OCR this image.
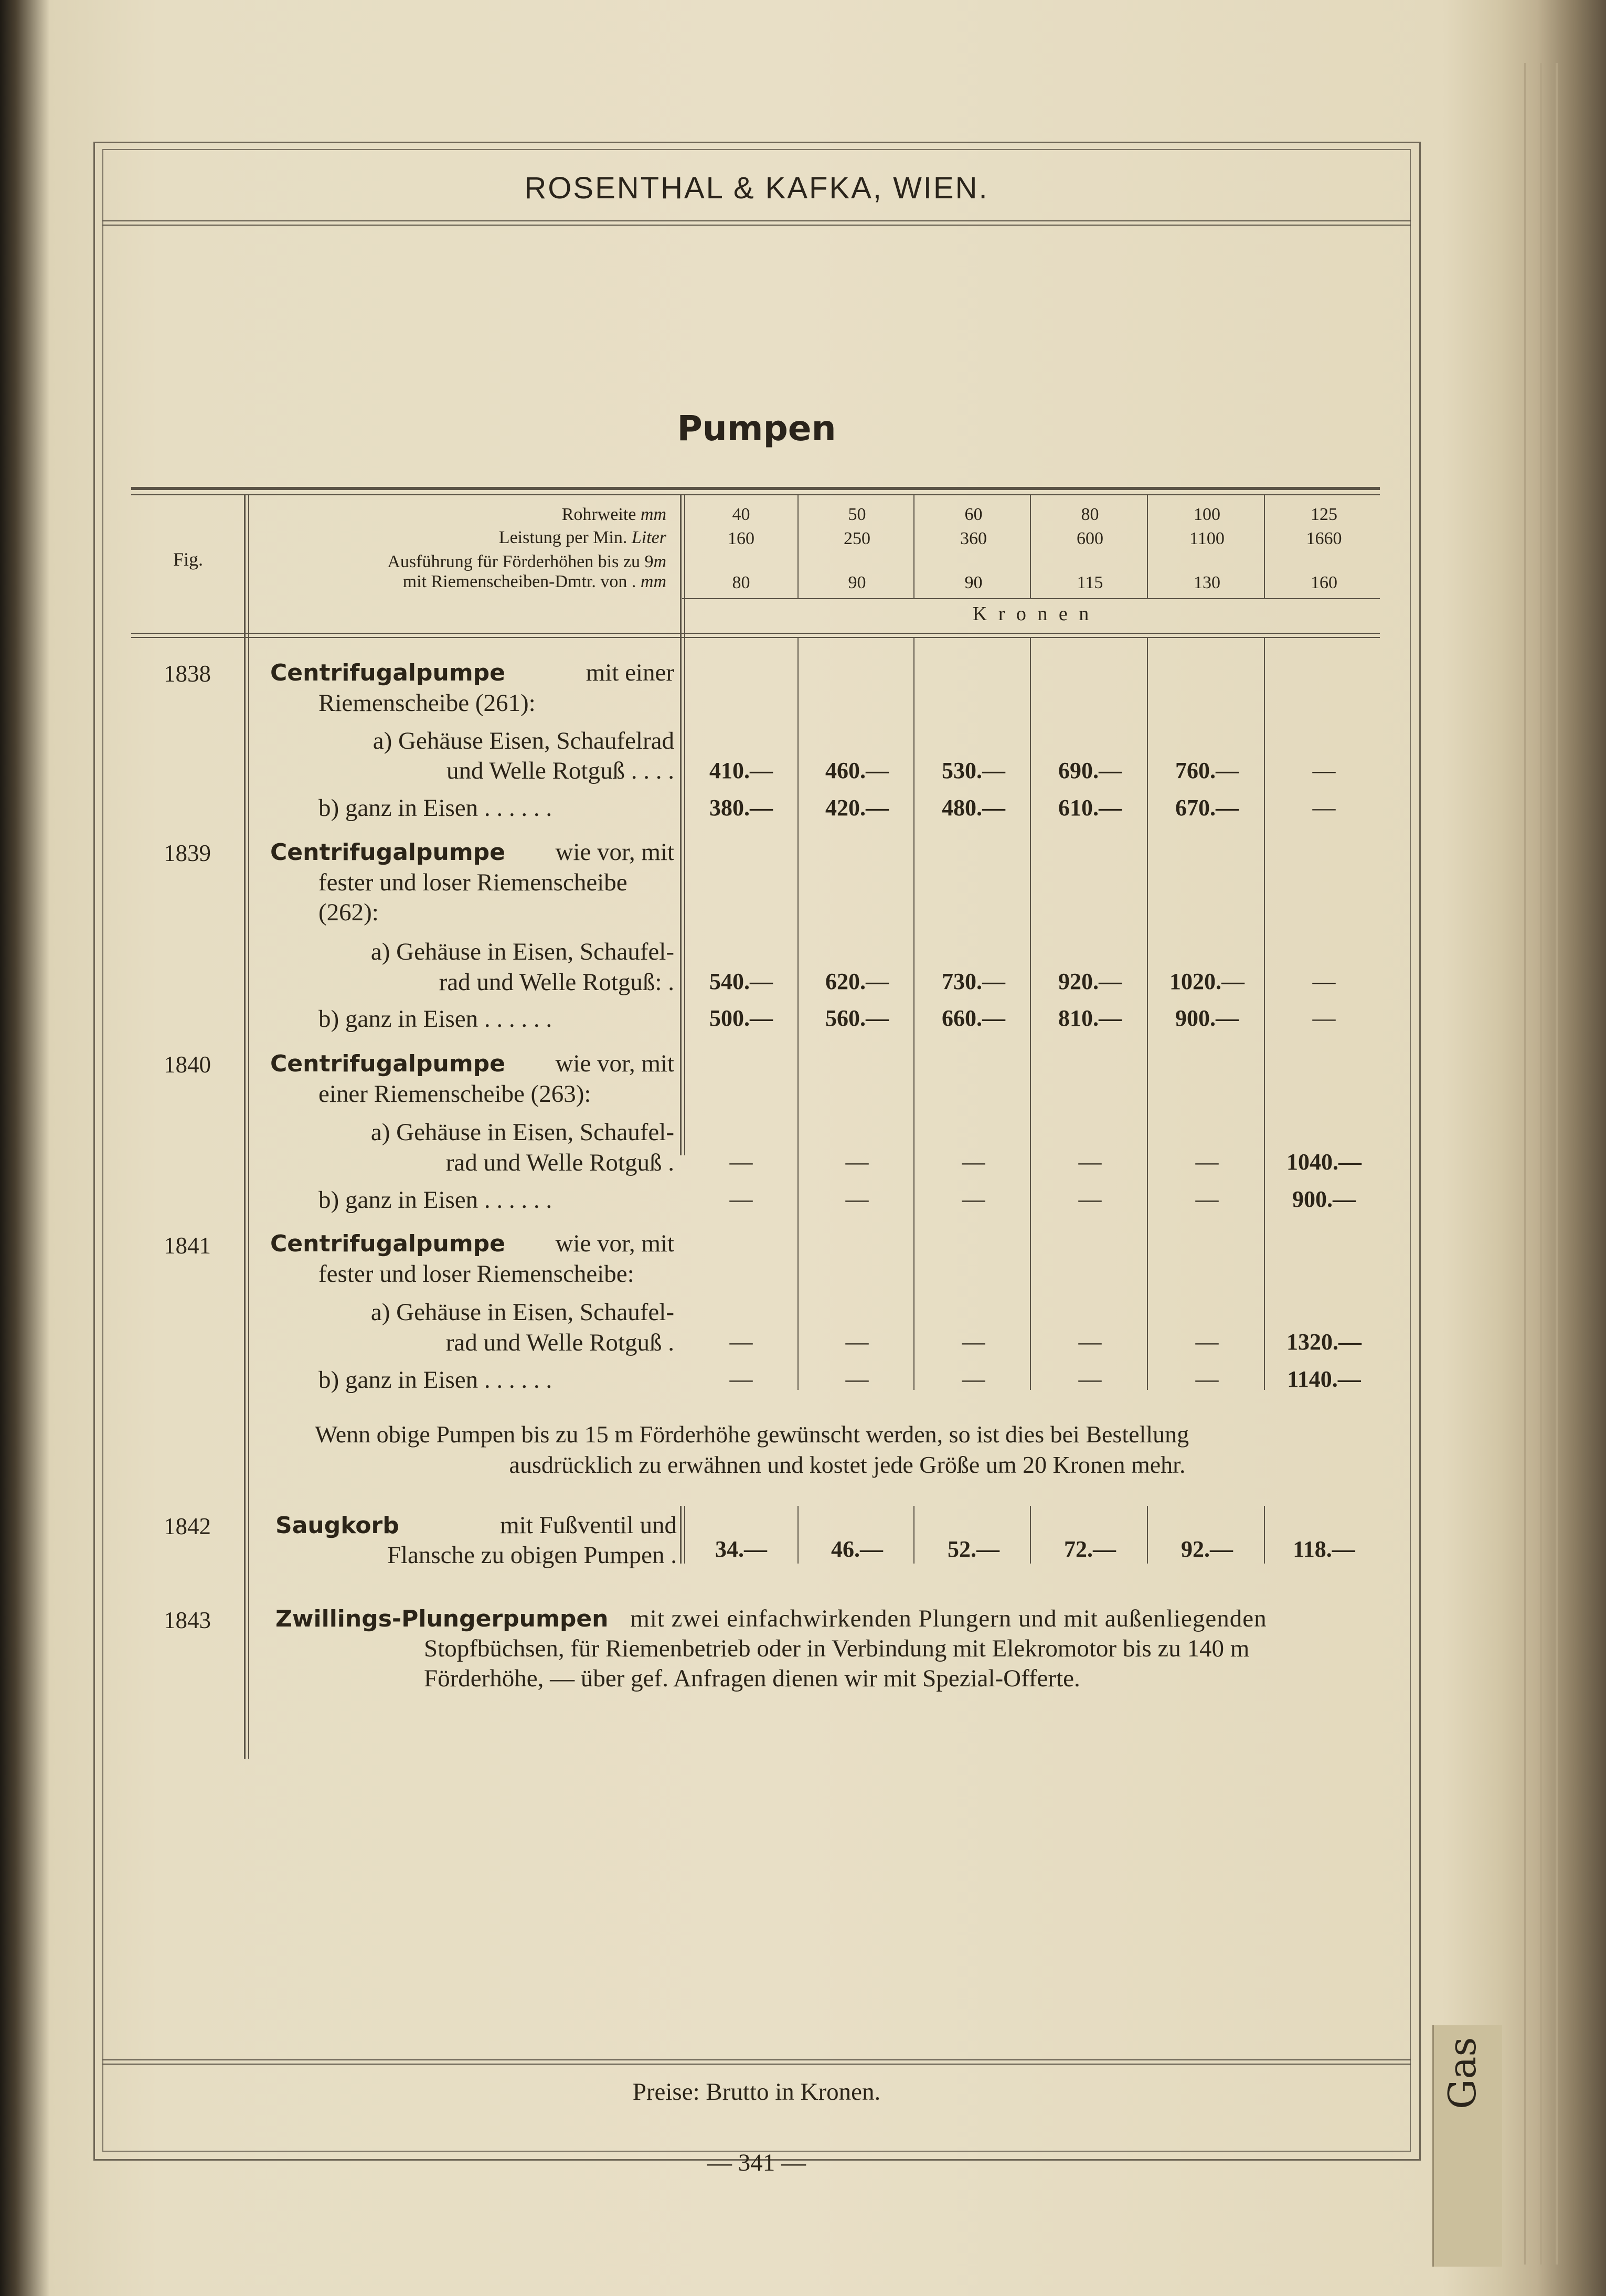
ROSENTHAL & KAFKA, WIEN.
Pumpen
Fig.
Rohrweite mm
Leistung per Min. Liter
Ausführung für Förderhöhen bis zu 9m
mit Riemenscheiben-Dmtr. von . mm
40	50	60	80	100	125
160	250	360	600	1100	1660
80	90	90	115	130	160
K r o n e n
1838	Centrifugalpumpe	mit einer
Riemenscheibe (261):
a) Gehäuse Eisen, Schaufelrad
und Welle Rotguß . . . .	410.—	460.—	530.—	690.—	760.—	—
b) ganz in Eisen . . . . . .	380.—	420.—	480.—	610.—	670.—	—
1839	Centrifugalpumpe wie vor, mit
fester und loser Riemenscheibe
(262):
a) Gehäuse in Eisen, Schaufel-
rad und Welle Rotguß: .	540.—	620.—	730.—	920.—	1020.—	—
b) ganz in Eisen . . . . . .	500.—	560.—	660.—	810.—	900.—	—
1840	Centrifugalpumpe wie vor, mit
einer Riemenscheibe (263):
a) Gehäuse in Eisen, Schaufel-
rad und Welle Rotguß .	—	—	—	—	—	1040.—
b) ganz in Eisen . . . . . .	—	—	—	—	—	900.—
1841	Centrifugalpumpe wie vor, mit
fester und loser Riemenscheibe:
a) Gehäuse in Eisen, Schaufel-
rad und Welle Rotguß .	—	—	—	—	—	1320.—
b) ganz in Eisen . . . . . .	—	—	—	—	—	1140.—
Wenn obige Pumpen bis zu 15 m Förderhöhe gewünscht werden, so ist dies bei Bestellung
ausdrücklich zu erwähnen und kostet jede Größe um 20 Kronen mehr.
1842	Saugkorb	mit Fußventil und
Flansche zu obigen Pumpen .	34.—	46.—	52.—	72.—	92.—	118.—
1843	Zwillings-Plungerpumpen mit zwei einfachwirkenden Plungern und mit außenliegenden
Stopfbüchsen, für Riemenbetrieb oder in Verbindung mit Elekromotor bis zu 140 m
Förderhöhe, — über gef. Anfragen dienen wir mit Spezial-Offerte.
Preise: Brutto in Kronen.
— 341 —
Gas
